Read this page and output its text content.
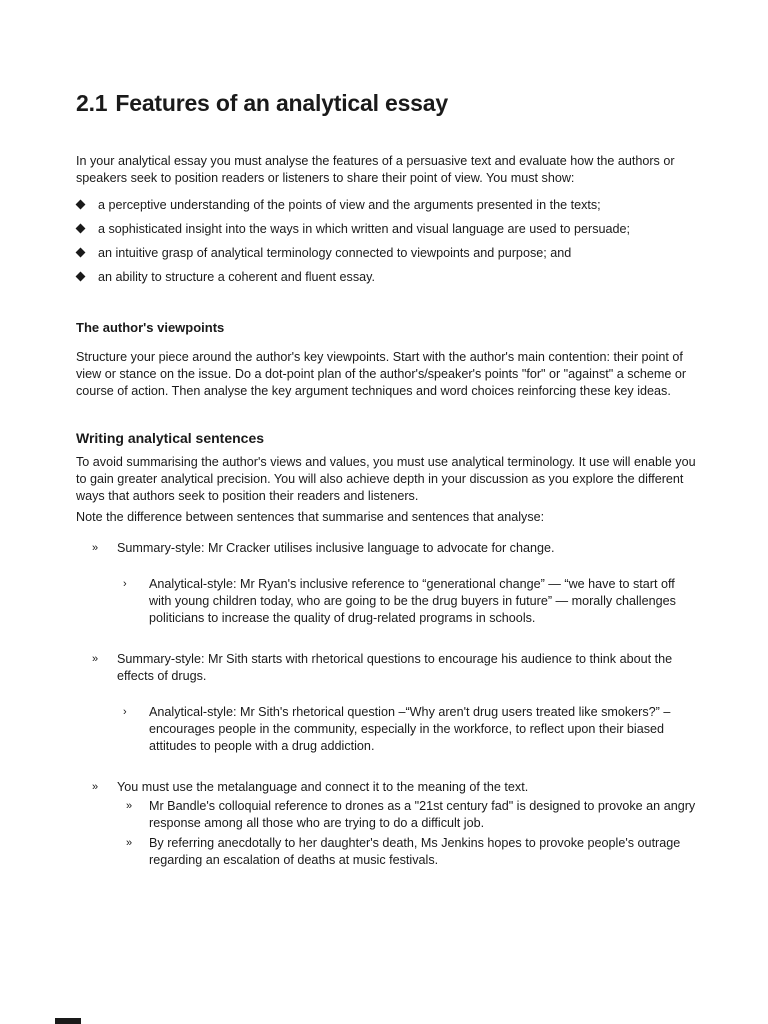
2.1 Features of an analytical essay

In your analytical essay you must analyse the features of a persuasive text and evaluate how the authors or speakers seek to position readers or listeners to share their point of view. You must show:

a perceptive understanding of the points of view and the arguments presented in the texts;
a sophisticated insight into the ways in which written and visual language are used to persuade;
an intuitive grasp of analytical terminology connected to viewpoints and purpose; and
an ability to structure a coherent and fluent essay.
The author's viewpoints

Structure your piece around the author's key viewpoints. Start with the author's main contention: their point of view or stance on the issue. Do a dot-point plan of the author's/speaker's points "for" or "against" a scheme or course of action. Then analyse the key argument techniques and word choices reinforcing these key ideas.

Writing analytical sentences

To avoid summarising the author's views and values, you must use analytical terminology. It use will enable you to gain greater analytical precision. You will also achieve depth in your discussion as you explore the different ways that authors seek to position their readers and listeners.

Note the difference between sentences that summarise and sentences that analyse:

» Summary-style: Mr Cracker utilises inclusive language to advocate for change.
› Analytical-style: Mr Ryan's inclusive reference to “generational change” — “we have to start off with young children today, who are going to be the drug buyers in future” — morally challenges politicians to increase the quality of drug-related programs in schools.
» Summary-style: Mr Sith starts with rhetorical questions to encourage his audience to think about the effects of drugs.
› Analytical-style: Mr Sith's rhetorical question –“Why aren't drug users treated like smokers?” – encourages people in the community, especially in the workforce, to reflect upon their biased attitudes to people with a drug addiction.
» You must use the metalanguage and connect it to the meaning of the text.
» Mr Bandle's colloquial reference to drones as a "21st century fad" is designed to provoke an angry response among all those who are trying to do a difficult job.
» By referring anecdotally to her daughter's death, Ms Jenkins hopes to provoke people's outrage regarding an escalation of deaths at music festivals.
